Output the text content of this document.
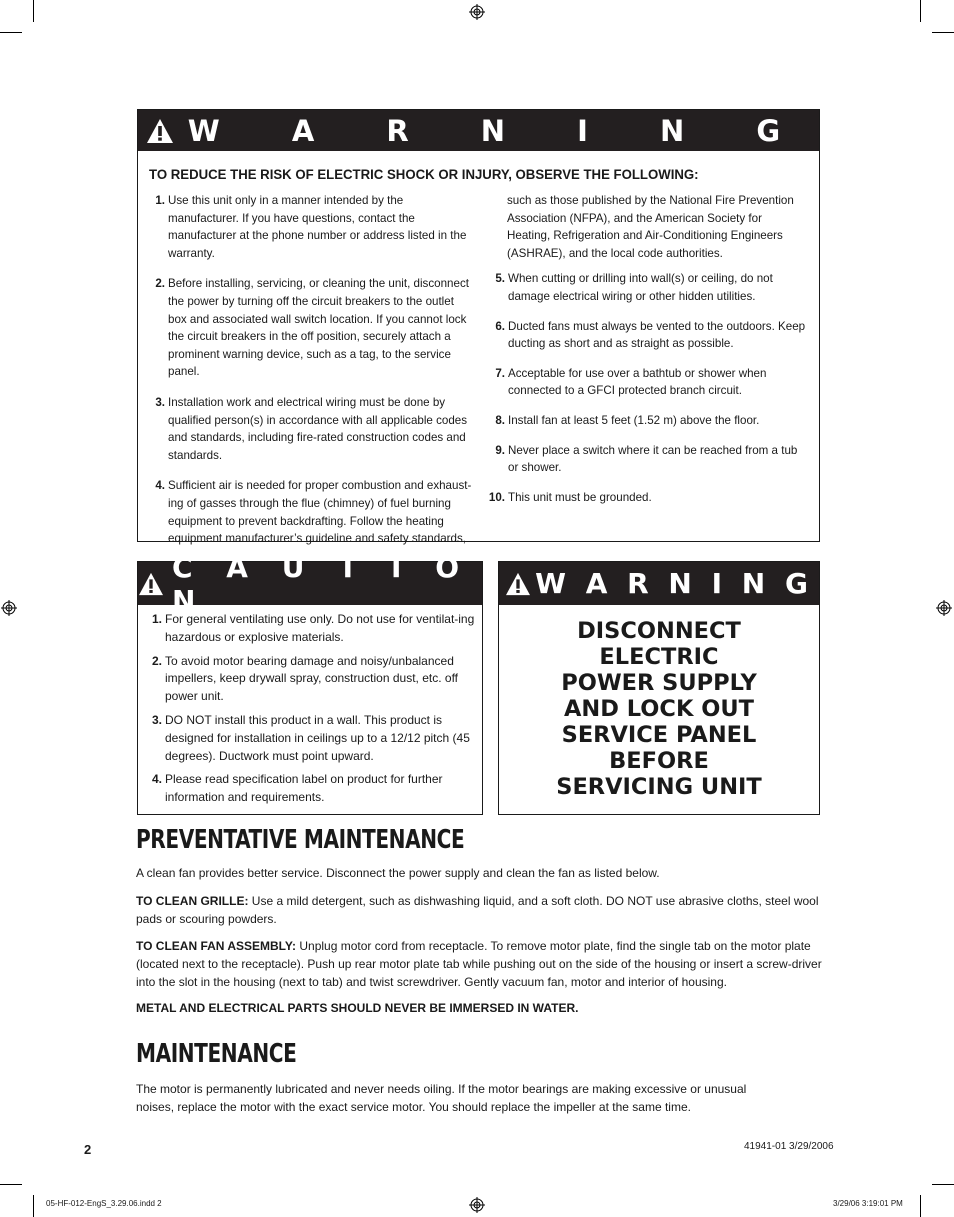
W A R N I N G
TO REDUCE THE RISK OF ELECTRIC SHOCK OR INJURY, OBSERVE THE FOLLOWING:
1. Use this unit only in a manner intended by the manufacturer. If you have questions, contact the manufacturer at the phone number or address listed in the warranty.
2. Before installing, servicing, or cleaning the unit, disconnect the power by turning off the circuit breakers to the outlet box and associated wall switch location. If you cannot lock the circuit breakers in the off position, securely attach a prominent warning device, such as a tag, to the service panel.
3. Installation work and electrical wiring must be done by qualified person(s) in accordance with all applicable codes and standards, including fire-rated construction codes and standards.
4. Sufficient air is needed for proper combustion and exhaust-ing of gasses through the flue (chimney) of fuel burning equipment to prevent backdrafting. Follow the heating equipment manufacturer’s guideline and safety standards,
such as those published by the National Fire Prevention Association (NFPA), and the American Society for Heating, Refrigeration and Air-Conditioning Engineers (ASHRAE), and the local code authorities.
5. When cutting or drilling into wall(s) or ceiling, do not damage electrical wiring or other hidden utilities.
6. Ducted fans must always be vented to the outdoors. Keep ducting as short and as straight as possible.
7. Acceptable for use over a bathtub or shower when connected to a GFCI protected branch circuit.
8. Install fan at least 5 feet (1.52 m) above the floor.
9. Never place a switch where it can be reached from a tub or shower.
10. This unit must be grounded.
C A U T I O N
1. For general ventilating use only. Do not use for ventilat-ing hazardous or explosive materials.
2. To avoid motor bearing damage and noisy/unbalanced impellers, keep drywall spray, construction dust, etc. off power unit.
3. DO NOT install this product in a wall. This product is designed for installation in ceilings up to a 12/12 pitch (45 degrees). Ductwork must point upward.
4. Please read specification label on product for further information and requirements.
W A R N I N G
DISCONNECT
ELECTRIC
POWER SUPPLY
AND LOCK OUT
SERVICE PANEL
BEFORE
SERVICING UNIT
PREVENTATIVE MAINTENANCE
A clean fan provides better service. Disconnect the power supply and clean the fan as listed below.
TO CLEAN GRILLE: Use a mild detergent, such as dishwashing liquid, and a soft cloth. DO NOT use abrasive cloths, steel wool pads or scouring powders.
TO CLEAN FAN ASSEMBLY: Unplug motor cord from receptacle. To remove motor plate, find the single tab on the motor plate (located next to the receptacle). Push up rear motor plate tab while pushing out on the side of the housing or insert a screw-driver into the slot in the housing (next to tab) and twist screwdriver. Gently vacuum fan, motor and interior of housing.
METAL AND ELECTRICAL PARTS SHOULD NEVER BE IMMERSED IN WATER.
MAINTENANCE
The motor is permanently lubricated and never needs oiling. If the motor bearings are making excessive or unusual noises, replace the motor with the exact service motor. You should replace the impeller at the same time.
2	41941-01 3/29/2006
05-HF-012-EngS_3.29.06.indd 2	3/29/06 3:19:01 PM
